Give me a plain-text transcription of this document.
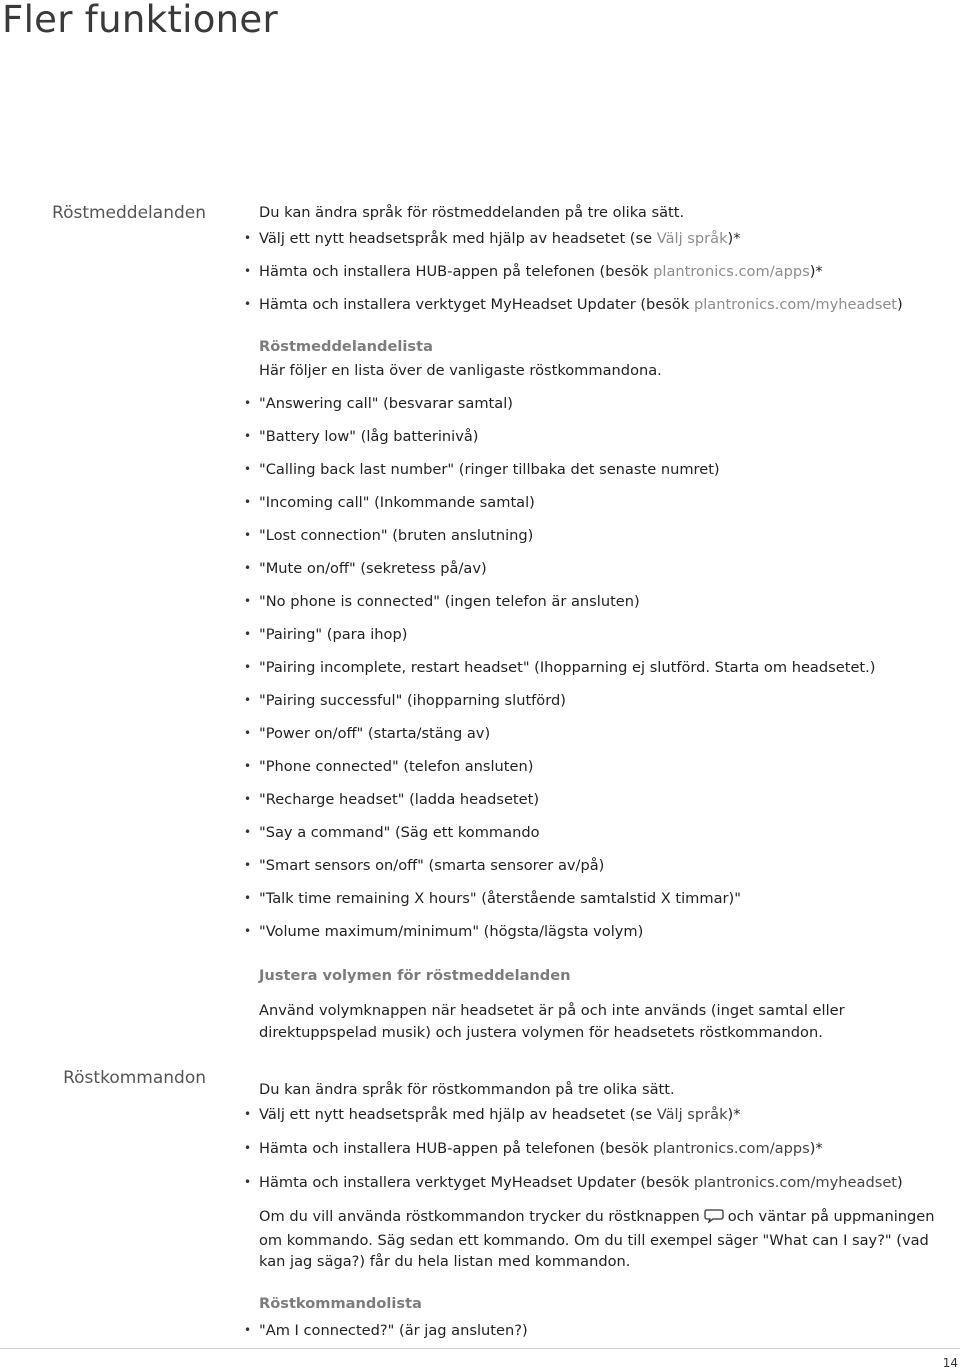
Fler funktioner
Röstmeddelanden	Du kan ändra språk för röstmeddelanden på tre olika sätt.
• Välj ett nytt headsetspråk med hjälp av headsetet (se Välj språk)*
• Hämta och installera HUB-appen på telefonen (besök plantronics.com/apps)*
• Hämta och installera verktyget MyHeadset Updater (besök plantronics.com/myheadset)
Röstmeddelandelista
Här följer en lista över de vanligaste röstkommandona.
• "Answering call" (besvarar samtal)
• "Battery low" (låg batterinivå)
• "Calling back last number" (ringer tillbaka det senaste numret)
• "Incoming call" (Inkommande samtal)
• "Lost connection" (bruten anslutning)
• "Mute on/off" (sekretess på/av)
• "No phone is connected" (ingen telefon är ansluten)
• "Pairing" (para ihop)
• "Pairing incomplete, restart headset" (Ihopparning ej slutförd. Starta om headsetet.)
• "Pairing successful" (ihopparning slutförd)
• "Power on/off" (starta/stäng av)
• "Phone connected" (telefon ansluten)
• "Recharge headset" (ladda headsetet)
• "Say a command" (Säg ett kommando
• "Smart sensors on/off" (smarta sensorer av/på)
• "Talk time remaining X hours" (återstående samtalstid X timmar)"
• "Volume maximum/minimum" (högsta/lägsta volym)
Justera volymen för röstmeddelanden
Använd volymknappen när headsetet är på och inte används (inget samtal eller direktuppspelad musik) och justera volymen för headsetets röstkommandon.
Röstkommandon
Du kan ändra språk för röstkommandon på tre olika sätt.
• Välj ett nytt headsetspråk med hjälp av headsetet (se Välj språk)*
• Hämta och installera HUB-appen på telefonen (besök plantronics.com/apps)*
• Hämta och installera verktyget MyHeadset Updater (besök plantronics.com/myheadset)
Om du vill använda röstkommandon trycker du röstknappen och väntar på uppmaningen om kommando. Säg sedan ett kommando. Om du till exempel säger "What can I say?" (vad kan jag säga?) får du hela listan med kommandon.
Röstkommandolista
• "Am I connected?" (är jag ansluten?)
14
